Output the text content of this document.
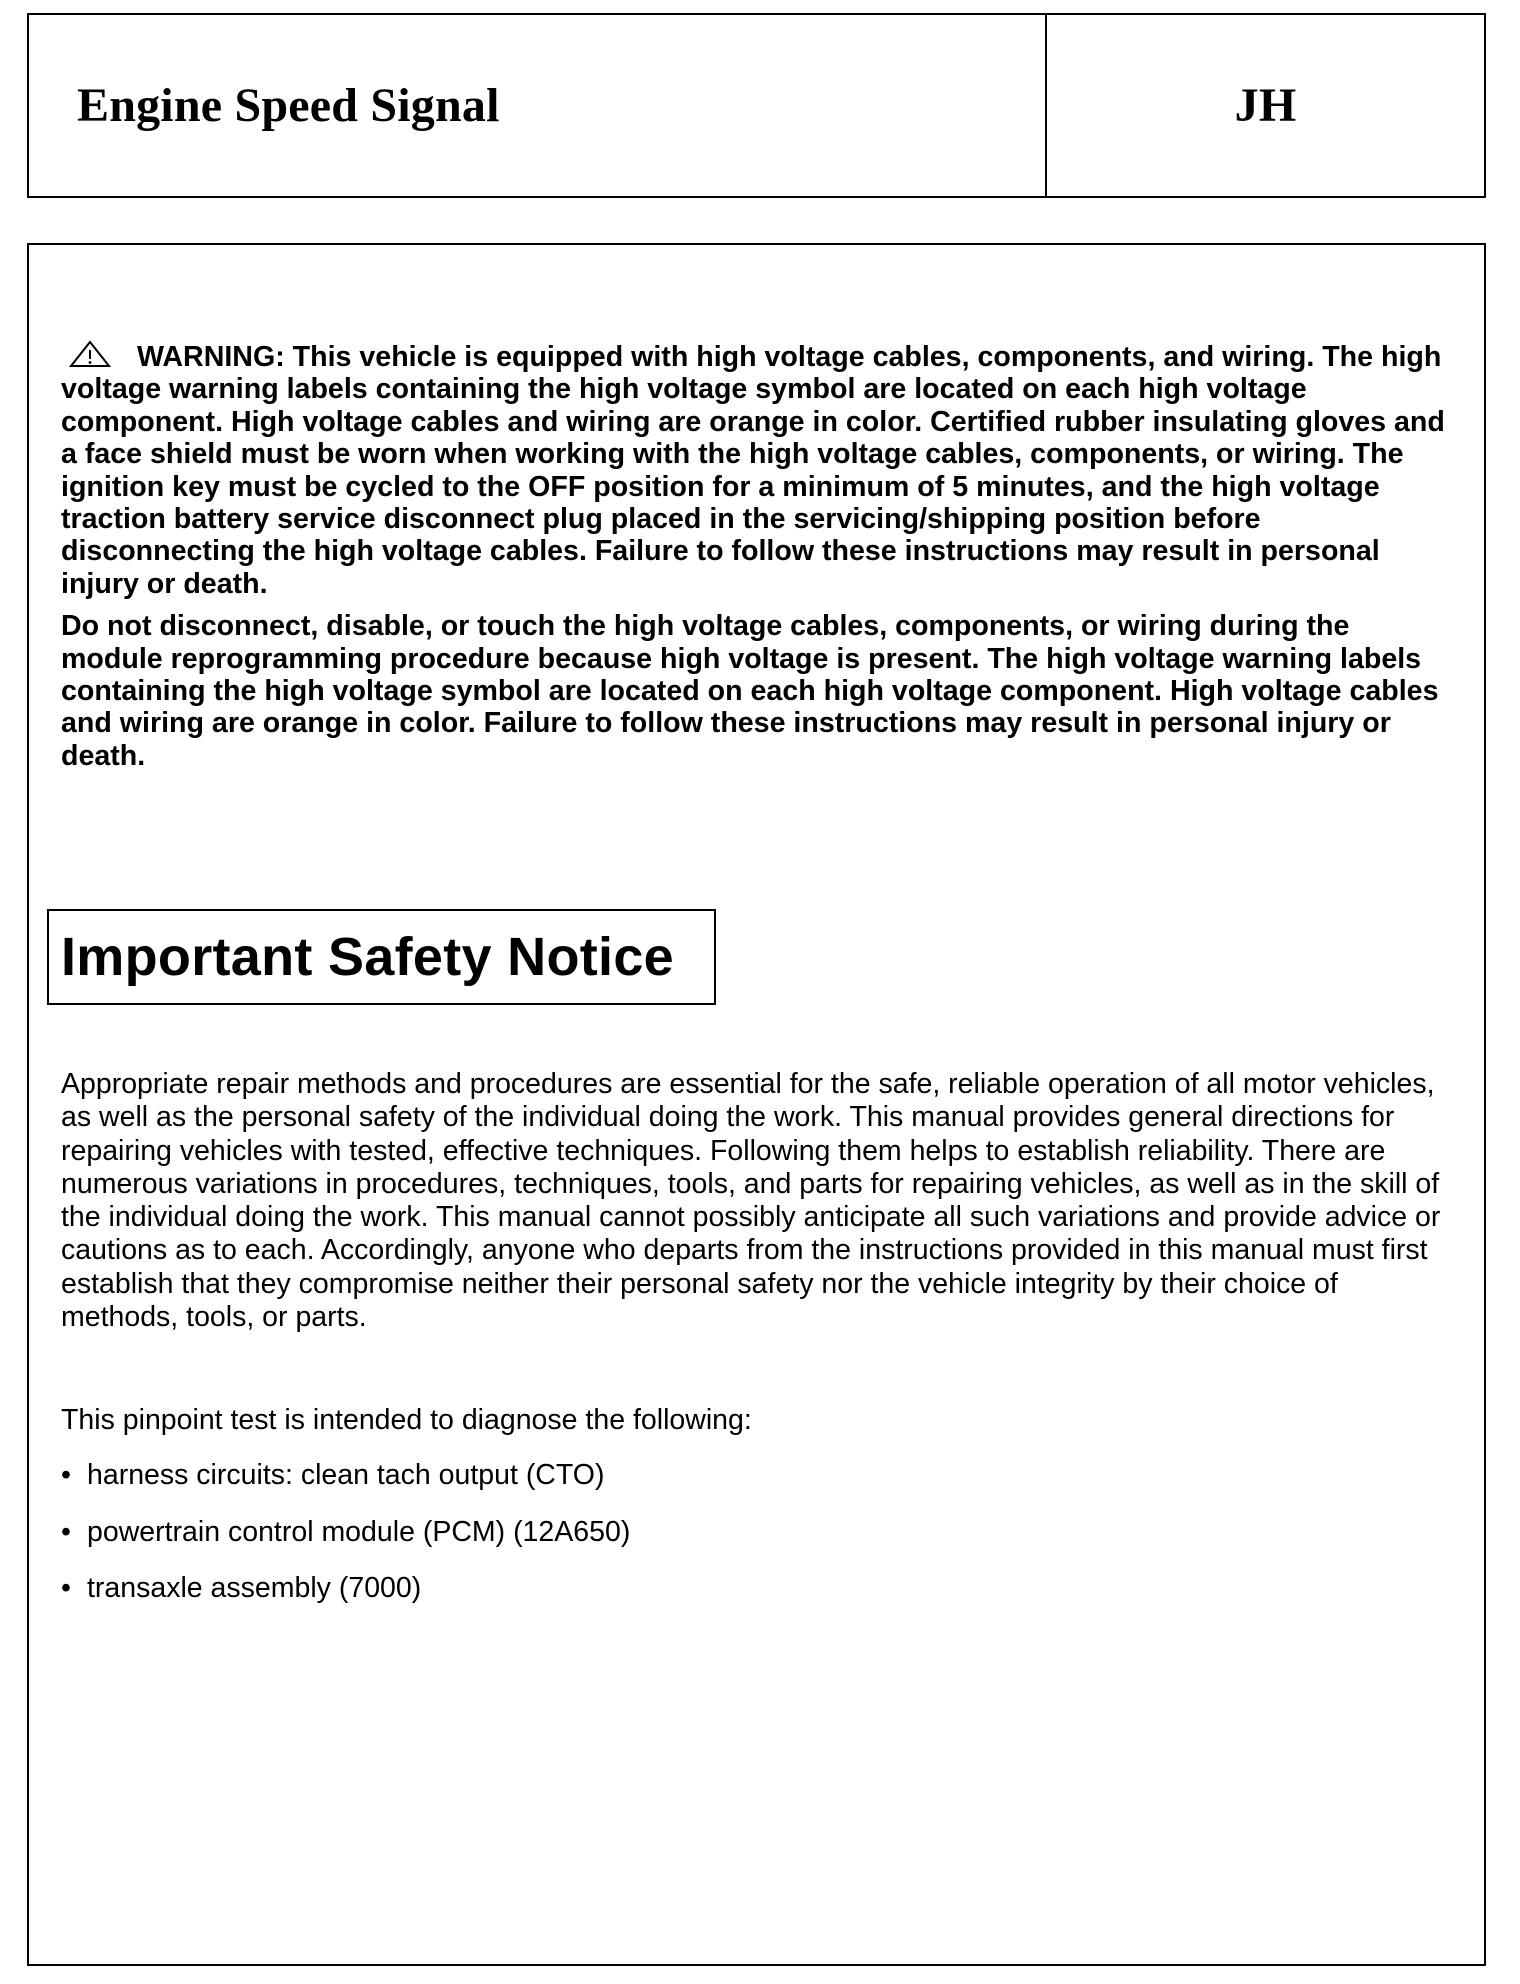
Engine Speed Signal	JH

WARNING: This vehicle is equipped with high voltage cables, components, and wiring. The high voltage warning labels containing the high voltage symbol are located on each high voltage component. High voltage cables and wiring are orange in color. Certified rubber insulating gloves and a face shield must be worn when working with the high voltage cables, components, or wiring. The ignition key must be cycled to the OFF position for a minimum of 5 minutes, and the high voltage traction battery service disconnect plug placed in the servicing/shipping position before disconnecting the high voltage cables. Failure to follow these instructions may result in personal injury or death.

Do not disconnect, disable, or touch the high voltage cables, components, or wiring during the module reprogramming procedure because high voltage is present. The high voltage warning labels containing the high voltage symbol are located on each high voltage component. High voltage cables and wiring are orange in color. Failure to follow these instructions may result in personal injury or death.

Important Safety Notice

Appropriate repair methods and procedures are essential for the safe, reliable operation of all motor vehicles, as well as the personal safety of the individual doing the work. This manual provides general directions for repairing vehicles with tested, effective techniques. Following them helps to establish reliability. There are numerous variations in procedures, techniques, tools, and parts for repairing vehicles, as well as in the skill of the individual doing the work. This manual cannot possibly anticipate all such variations and provide advice or cautions as to each. Accordingly, anyone who departs from the instructions provided in this manual must first establish that they compromise neither their personal safety nor the vehicle integrity by their choice of methods, tools, or parts.

This pinpoint test is intended to diagnose the following:

• harness circuits: clean tach output (CTO)
• powertrain control module (PCM) (12A650)
• transaxle assembly (7000)
